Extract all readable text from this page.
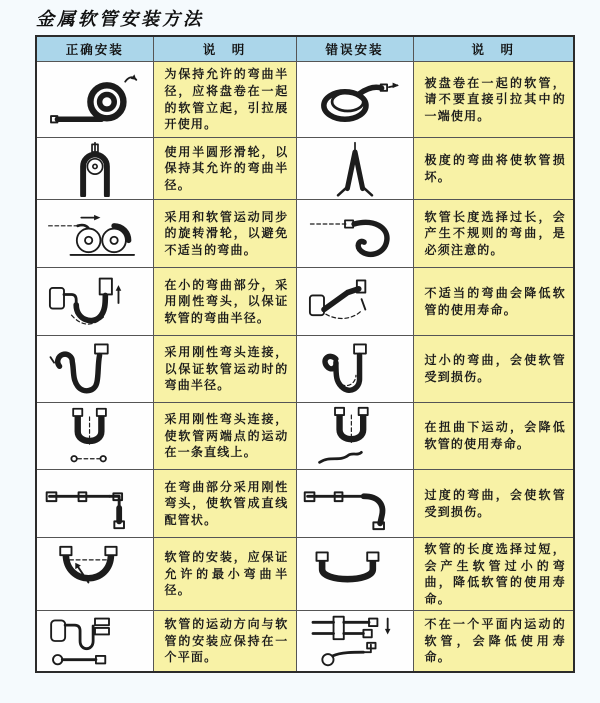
金属软管安装方法
正确安装	说　明	错误安装	说　明

	为保持允许的弯曲半径，应将盘卷在一起的软管立起，引拉展开使用。		被盘卷在一起的软管，请不要直接引拉其中的一端使用。

	使用半圆形滑轮，以保持其允许的弯曲半径。		极度的弯曲将使软管损坏。

	采用和软管运动同步的旋转滑轮，以避免不适当的弯曲。		软管长度选择过长，会产生不规则的弯曲，是必须注意的。

	在小的弯曲部分，采用刚性弯头，以保证软管的弯曲半径。		不适当的弯曲会降低软管的使用寿命。

	采用刚性弯头连接，以保证软管运动时的弯曲半径。		过小的弯曲，会使软管受到损伤。

	采用刚性弯头连接，使软管两端点的运动在一条直线上。		在扭曲下运动，会降低软管的使用寿命。

	在弯曲部分采用刚性弯头，使软管成直线配管状。		过度的弯曲，会使软管受到损伤。

	软管的安装，应保证允许的最小弯曲半径。		软管的长度选择过短，会产生软管过小的弯曲，降低软管的使用寿命。

	软管的运动方向与软管的安装应保持在一个平面。		不在一个平面内运动的软管，会降低使用寿命。
